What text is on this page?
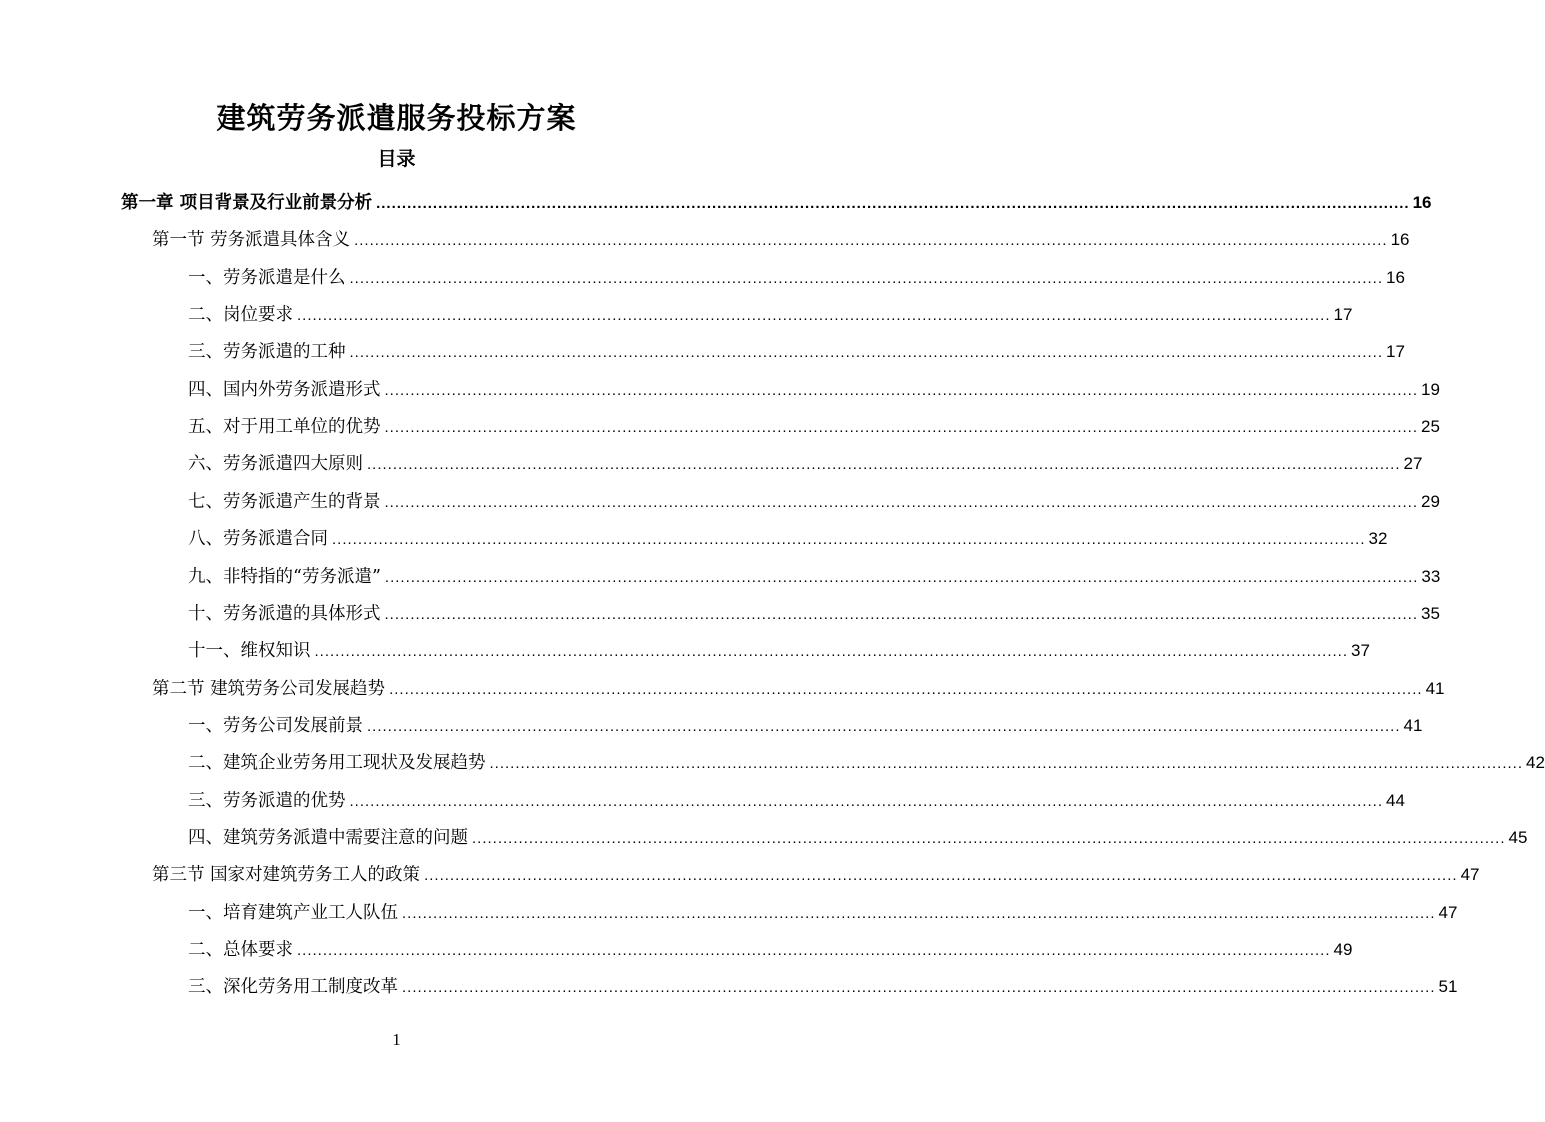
建筑劳务派遣服务投标方案
目录
第一章 项目背景及行业前景分析 ........................................................................................................................................................................................................ 16
第一节 劳务派遣具体含义 ........................................................................................................................................................................................................ 16
一、劳务派遣是什么 ........................................................................................................................................................................................................ 16
二、岗位要求 ........................................................................................................................................................................................................ 17
三、劳务派遣的工种 ........................................................................................................................................................................................................ 17
四、国内外劳务派遣形式 ........................................................................................................................................................................................................ 19
五、对于用工单位的优势 ........................................................................................................................................................................................................ 25
六、劳务派遣四大原则 ........................................................................................................................................................................................................ 27
七、劳务派遣产生的背景 ........................................................................................................................................................................................................ 29
八、劳务派遣合同 ........................................................................................................................................................................................................ 32
九、非特指的“劳务派遣” ........................................................................................................................................................................................................ 33
十、劳务派遣的具体形式 ........................................................................................................................................................................................................ 35
十一、维权知识 ........................................................................................................................................................................................................ 37
第二节 建筑劳务公司发展趋势 ........................................................................................................................................................................................................ 41
一、劳务公司发展前景 ........................................................................................................................................................................................................ 41
二、建筑企业劳务用工现状及发展趋势 ........................................................................................................................................................................................................ 42
三、劳务派遣的优势 ........................................................................................................................................................................................................ 44
四、建筑劳务派遣中需要注意的问题 ........................................................................................................................................................................................................ 45
第三节 国家对建筑劳务工人的政策 ........................................................................................................................................................................................................ 47
一、培育建筑产业工人队伍 ........................................................................................................................................................................................................ 47
二、总体要求 ........................................................................................................................................................................................................ 49
三、深化劳务用工制度改革 ........................................................................................................................................................................................................ 51
1
